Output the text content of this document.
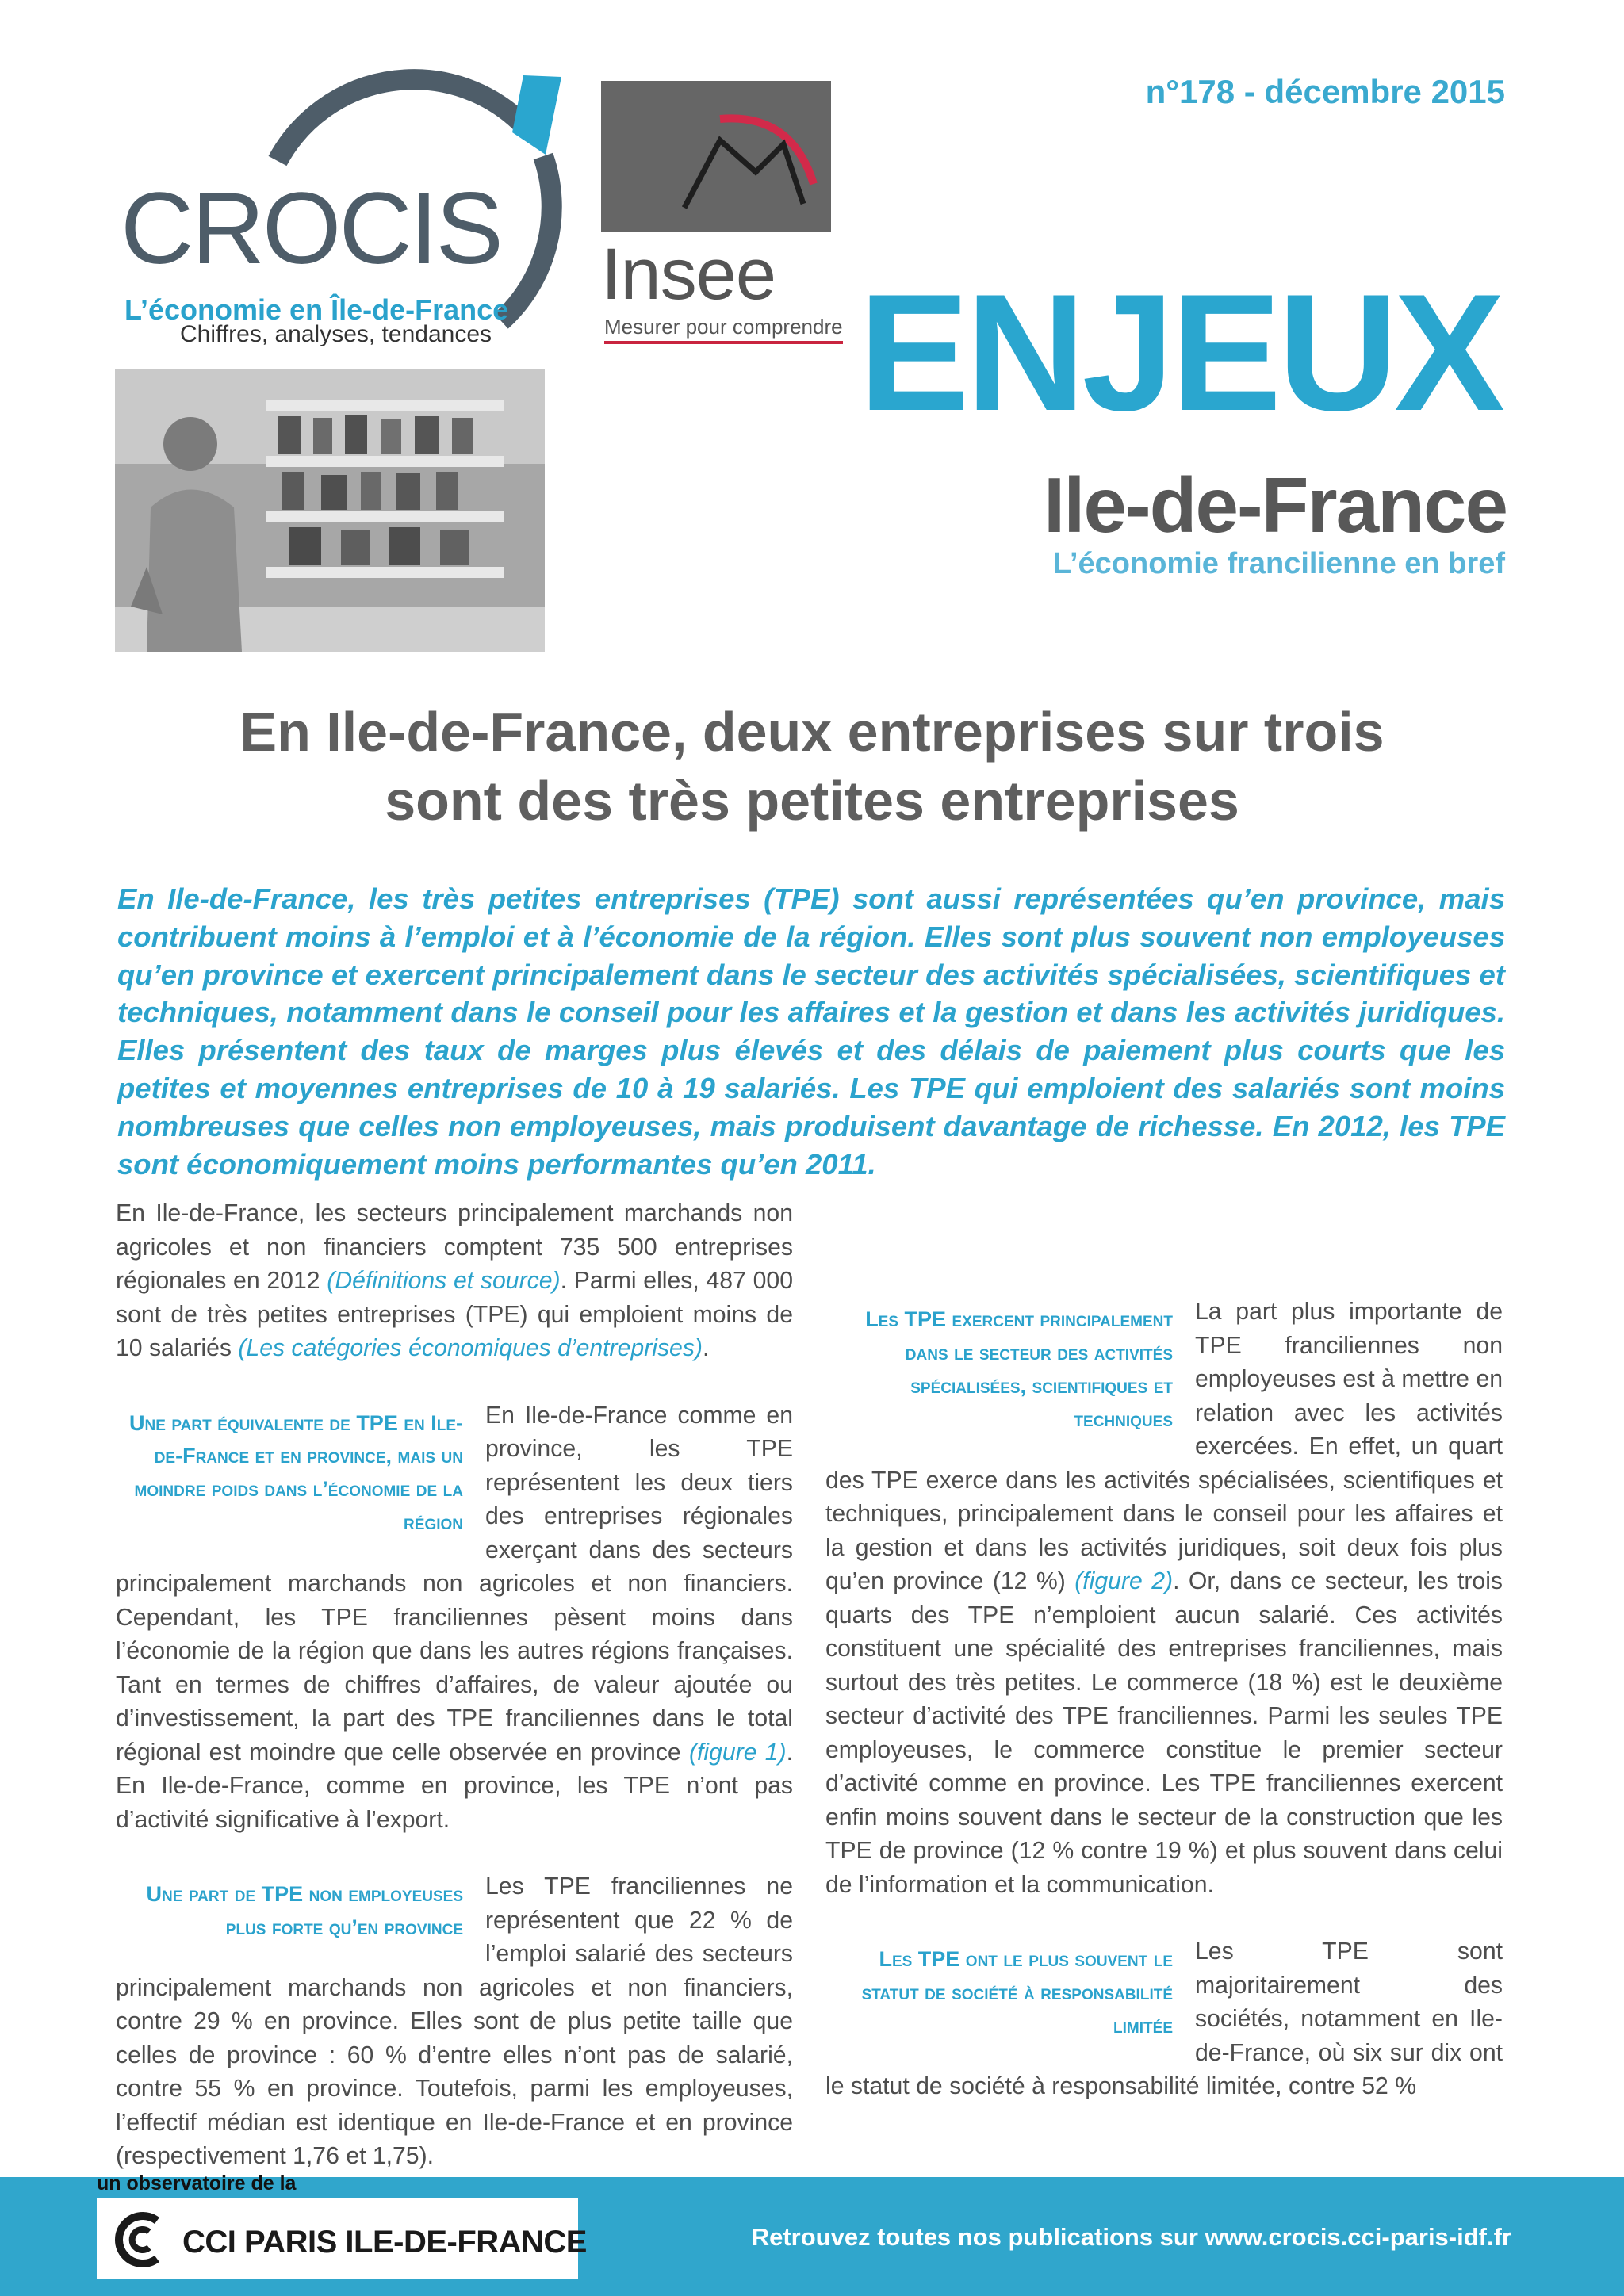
n°178 - décembre 2015
CROCIS
L’économie en Île-de-France
Chiffres, analyses, tendances
Insee
Mesurer pour comprendre ENJEUX
Ile-de-France
L’économie francilienne en bref
En Ile-de-France, deux entreprises sur trois
sont des très petites entreprises
En Ile-de-France, les très petites entreprises (TPE) sont aussi représentées qu’en province, mais contribuent moins à l’emploi et à l’économie de la région. Elles sont plus souvent non employeuses qu’en province et exercent principalement dans le secteur des activités spécialisées, scientifiques et techniques, notamment dans le conseil pour les affaires et la gestion et dans les activités juridiques. Elles présentent des taux de marges plus élevés et des délais de paiement plus courts que les petites et moyennes entreprises de 10 à 19 salariés. Les TPE qui emploient des salariés sont moins nombreuses que celles non employeuses, mais produisent davantage de richesse. En 2012, les TPE sont économiquement moins performantes qu’en 2011.

En Ile-de-France, les secteurs principalement marchands non agricoles et non financiers comptent 735 500 entreprises régionales en 2012 (Définitions et source). Parmi elles, 487 000 sont de très petites entreprises (TPE) qui emploient moins de 10 salariés (Les catégories économiques d’entreprises).

Une part équivalente de TPE en Ile-de-France et en province, mais un moindre poids dans l’économie de la région
En Ile-de-France comme en province, les TPE représentent les deux tiers des entreprises régionales exerçant dans des secteurs principalement marchands non agricoles et non financiers. Cependant, les TPE franciliennes pèsent moins dans l’économie de la région que dans les autres régions françaises. Tant en termes de chiffres d’affaires, de valeur ajoutée ou d’investissement, la part des TPE franciliennes dans le total régional est moindre que celle observée en province (figure 1). En Ile-de-France, comme en province, les TPE n’ont pas d’activité significative à l’export.

Une part de TPE non employeuses plus forte qu’en province
Les TPE franciliennes ne représentent que 22 % de l’emploi salarié des secteurs principalement marchands non agricoles et non financiers, contre 29 % en province. Elles sont de plus petite taille que celles de province : 60 % d’entre elles n’ont pas de salarié, contre 55 % en province. Toutefois, parmi les employeuses, l’effectif médian est identique en Ile-de-France et en province (respectivement 1,76 et 1,75).

Les TPE exercent principalement dans le secteur des activités spécialisées, scientifiques et techniques
La part plus importante de TPE franciliennes non employeuses est à mettre en relation avec les activités exercées. En effet, un quart des TPE exerce dans les activités spécialisées, scientifiques et techniques, principalement dans le conseil pour les affaires et la gestion et dans les activités juridiques, soit deux fois plus qu’en province (12 %) (figure 2). Or, dans ce secteur, les trois quarts des TPE n’emploient aucun salarié. Ces activités constituent une spécialité des entreprises franciliennes, mais surtout des très petites. Le commerce (18 %) est le deuxième secteur d’activité des TPE franciliennes. Parmi les seules TPE employeuses, le commerce constitue le premier secteur d’activité comme en province. Les TPE franciliennes exercent enfin moins souvent dans le secteur de la construction que les TPE de province (12 % contre 19 %) et plus souvent dans celui de l’information et la communication.

Les TPE ont le plus souvent le statut de société à responsabilité limitée
Les TPE sont majoritairement des sociétés, notamment en Ile-de-France, où six sur dix ont le statut de société à responsabilité limitée, contre 52 %

un observatoire de la
CCI PARIS ILE-DE-FRANCE	Retrouvez toutes nos publications sur www.crocis.cci-paris-idf.fr
